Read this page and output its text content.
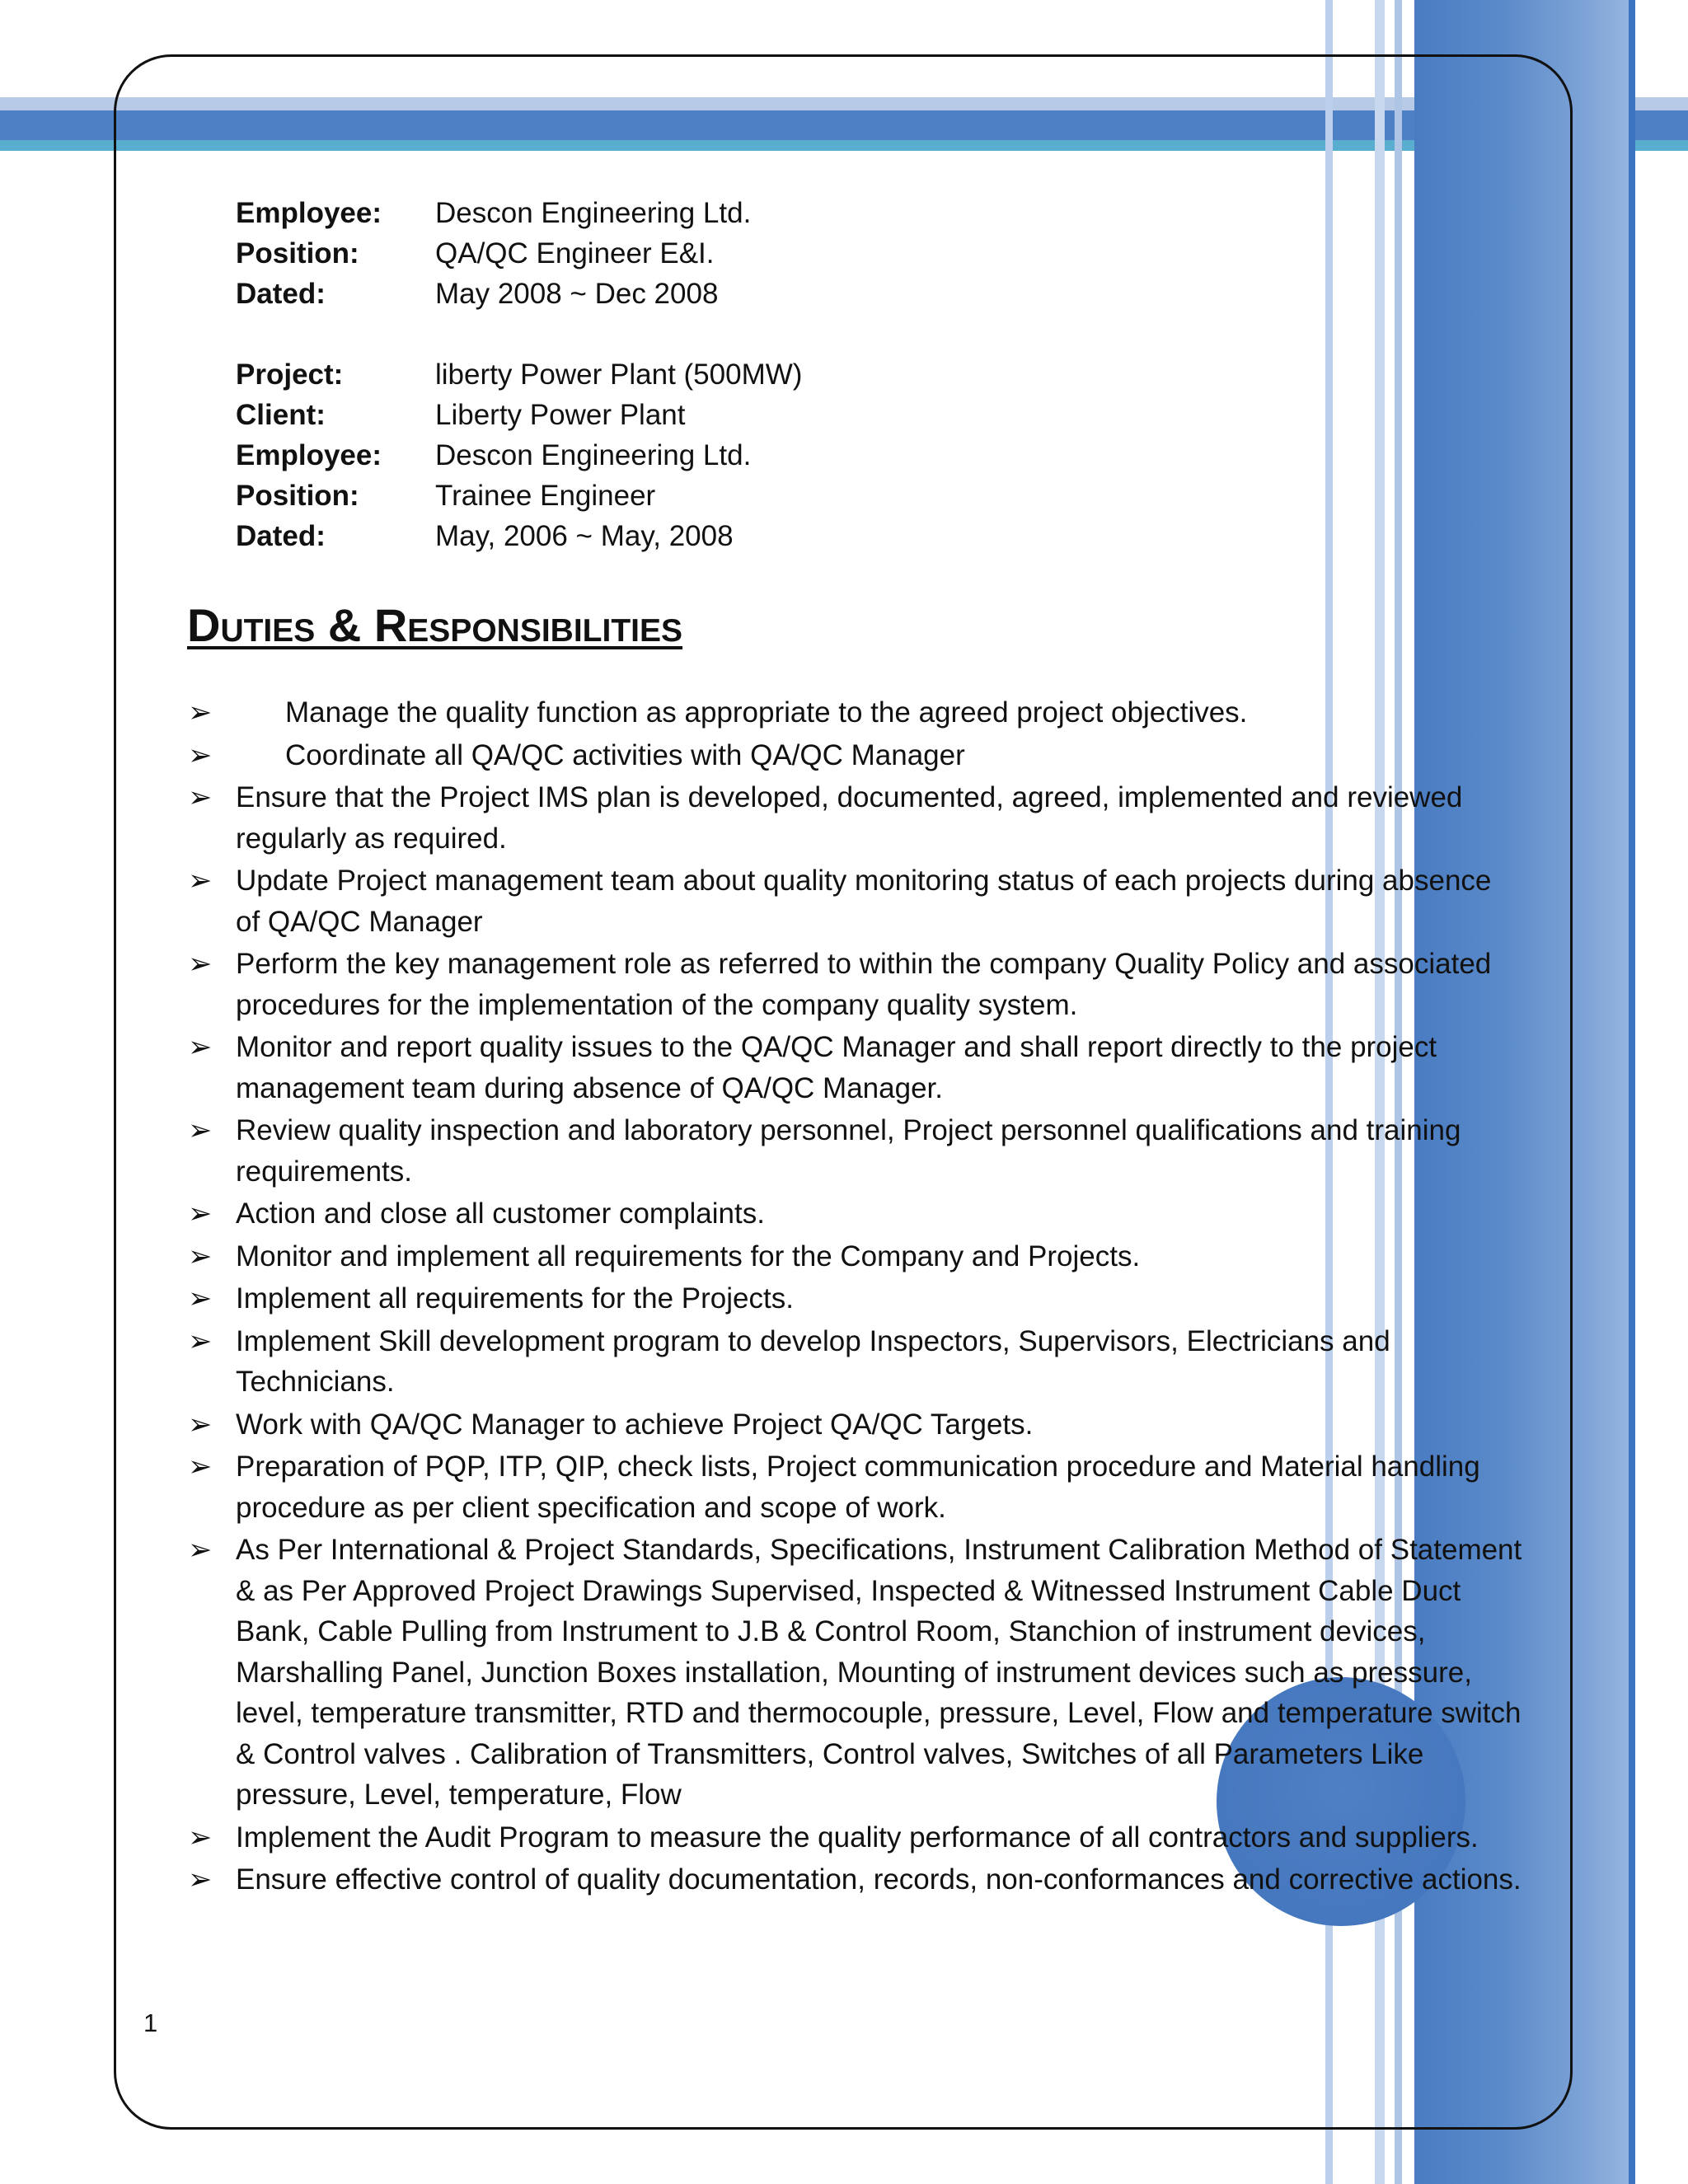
Employee: Descon Engineering Ltd.
Position:	QA/QC Engineer E&I.
Dated:	May 2008 ~ Dec 2008
Project:	liberty Power Plant (500MW)
Client:	Liberty Power Plant
Employee: Descon Engineering Ltd.
Position:	Trainee Engineer
Dated:	May, 2006 ~ May, 2008
Duties & Responsibilities
➢	Manage the quality function as appropriate to the agreed project objectives.
➢	Coordinate all QA/QC activities with QA/QC Manager
➢ Ensure that the Project IMS plan is developed, documented, agreed, implemented and reviewed regularly as required.
➢ Update Project management team about quality monitoring status of each projects during absence of QA/QC Manager
➢ Perform the key management role as referred to within the company Quality Policy and associated procedures for the implementation of the company quality system.
➢ Monitor and report quality issues to the QA/QC Manager and shall report directly to the project management team during absence of QA/QC Manager.
➢ Review quality inspection and laboratory personnel, Project personnel qualifications and training requirements.
➢ Action and close all customer complaints.
➢ Monitor and implement all requirements for the Company and Projects.
➢ Implement all requirements for the Projects.
➢ Implement Skill development program to develop Inspectors, Supervisors, Electricians and Technicians.
➢ Work with QA/QC Manager to achieve Project QA/QC Targets.
➢ Preparation of PQP, ITP, QIP, check lists, Project communication procedure and Material handling procedure as per client specification and scope of work.
➢ As Per International & Project Standards, Specifications, Instrument Calibration Method of Statement & as Per Approved Project Drawings Supervised, Inspected & Witnessed Instrument Cable Duct Bank, Cable Pulling from Instrument to J.B & Control Room, Stanchion of instrument devices, Marshalling Panel, Junction Boxes installation, Mounting of instrument devices such as pressure, level, temperature transmitter, RTD and thermocouple, pressure, Level, Flow and temperature switch & Control valves . Calibration of Transmitters, Control valves, Switches of all Parameters Like pressure, Level, temperature, Flow
➢ Implement the Audit Program to measure the quality performance of all contractors and suppliers.
➢ Ensure effective control of quality documentation, records, non-conformances and corrective actions.
1
